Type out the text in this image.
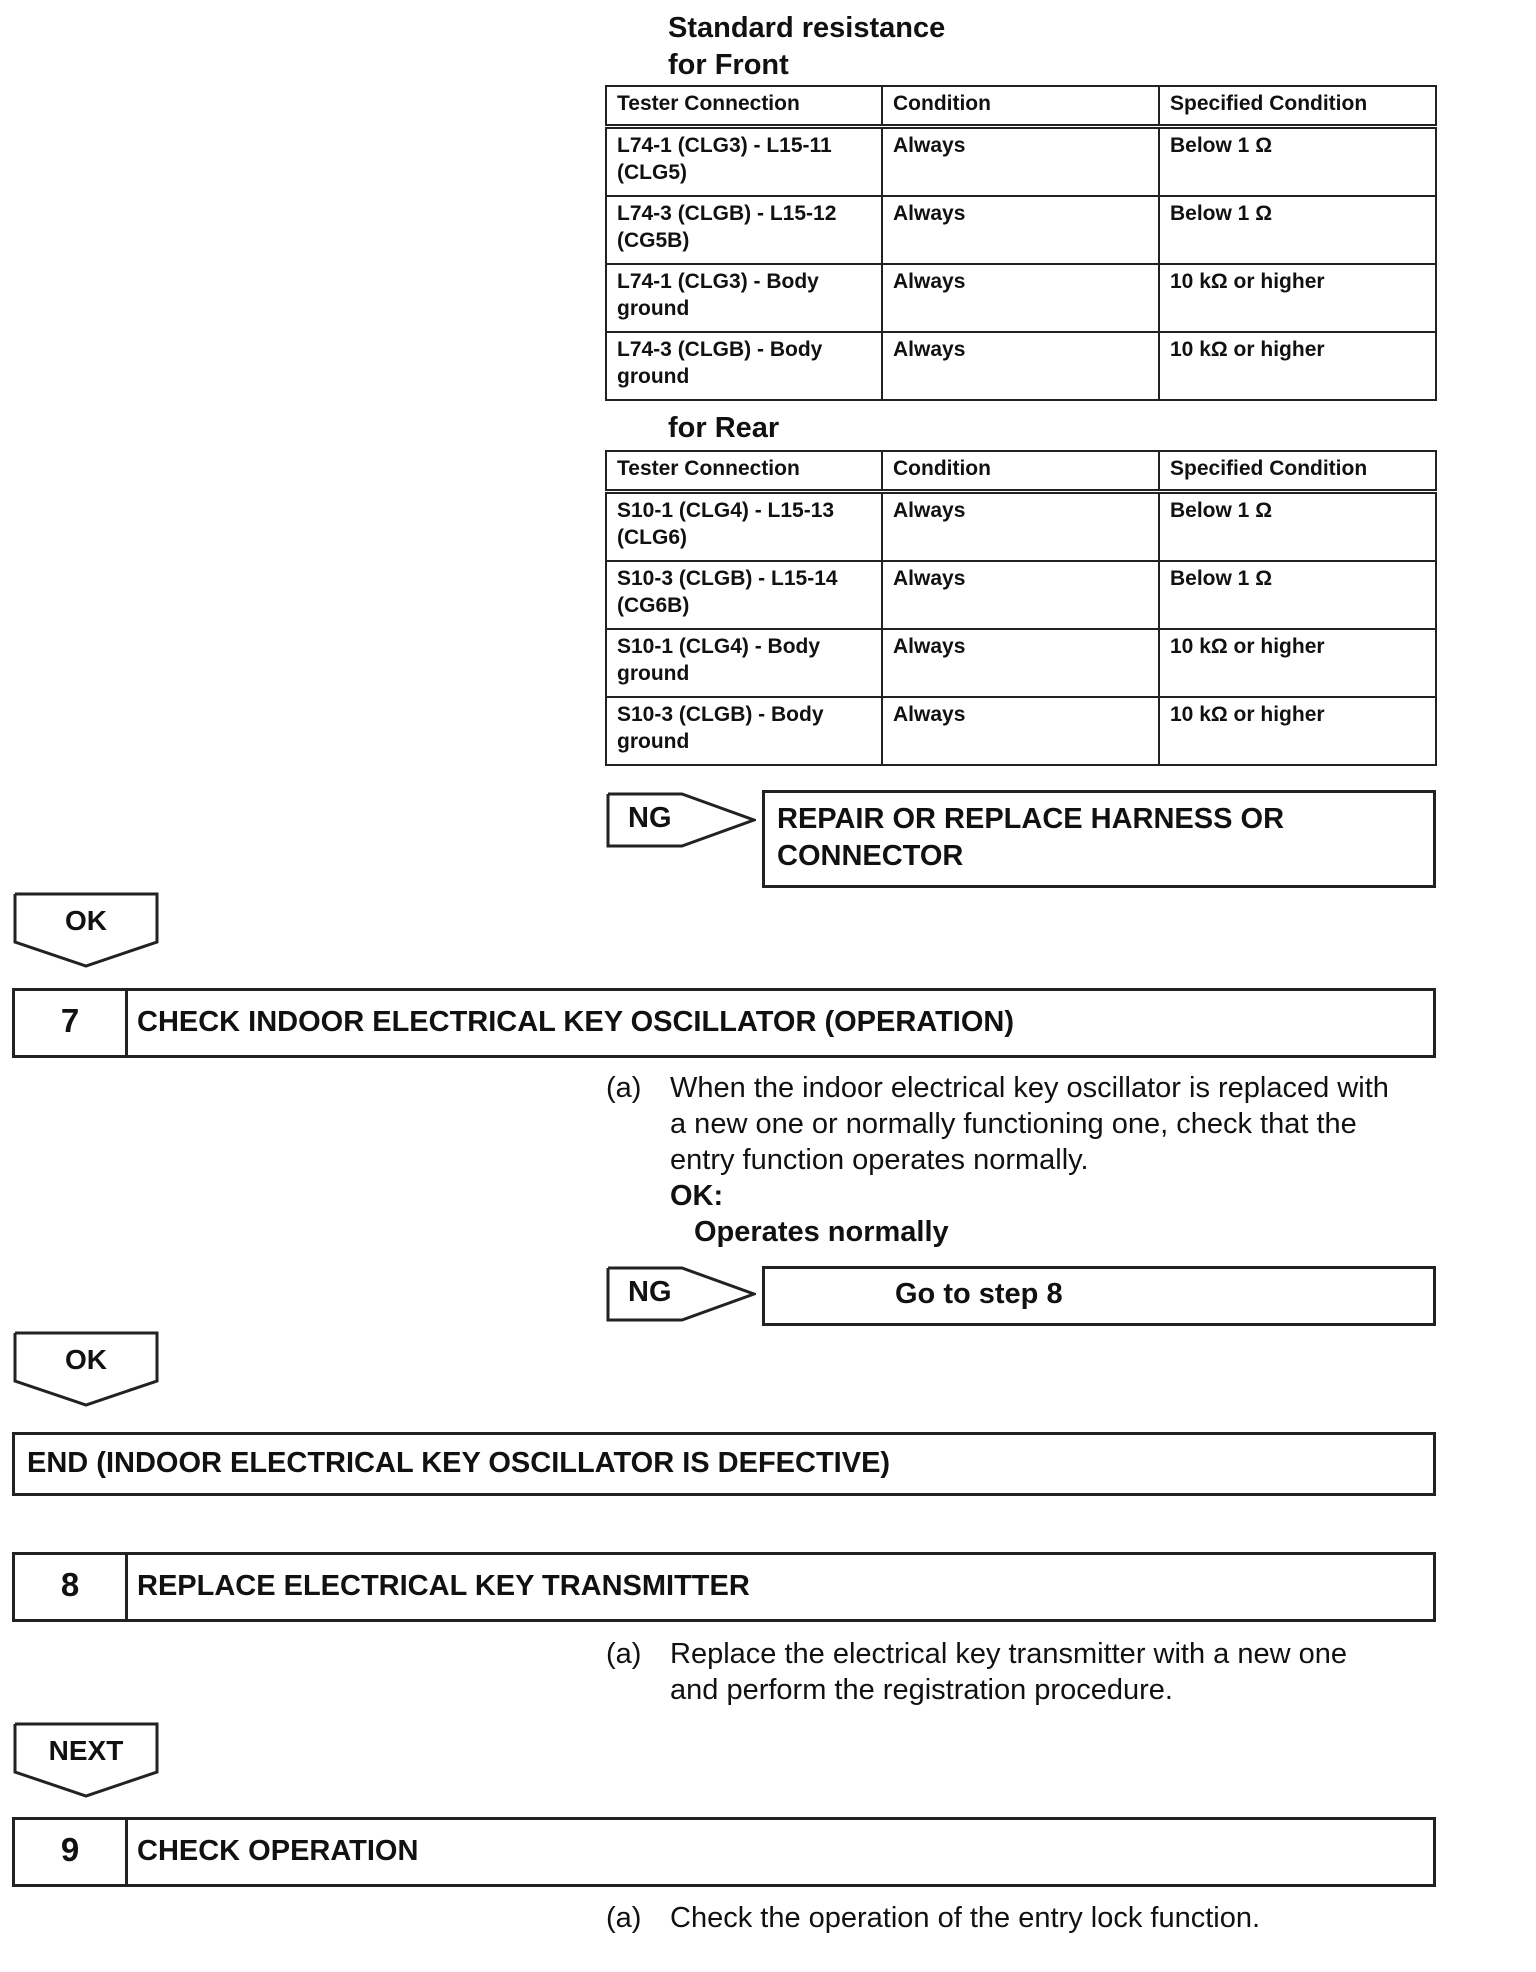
Standard resistance
for Front
Tester Connection	Condition	Specified Condition
L74-1 (CLG3) - L15-11 (CLG5)	Always	Below 1 Ω
L74-3 (CLGB) - L15-12 (CG5B)	Always	Below 1 Ω
L74-1 (CLG3) - Body ground	Always	10 kΩ or higher
L74-3 (CLGB) - Body ground	Always	10 kΩ or higher
for Rear
Tester Connection	Condition	Specified Condition
S10-1 (CLG4) - L15-13 (CLG6)	Always	Below 1 Ω
S10-3 (CLGB) - L15-14 (CG6B)	Always	Below 1 Ω
S10-1 (CLG4) - Body ground	Always	10 kΩ or higher
S10-3 (CLGB) - Body ground	Always	10 kΩ or higher
NG	REPAIR OR REPLACE HARNESS OR
CONNECTOR
OK
7	CHECK INDOOR ELECTRICAL KEY OSCILLATOR (OPERATION)
(a) When the indoor electrical key oscillator is replaced with
a new one or normally functioning one, check that the
entry function operates normally.
OK:
Operates normally
NG	Go to step 8
OK
END (INDOOR ELECTRICAL KEY OSCILLATOR IS DEFECTIVE)
8	REPLACE ELECTRICAL KEY TRANSMITTER
(a) Replace the electrical key transmitter with a new one
and perform the registration procedure.
NEXT
9	CHECK OPERATION
(a) Check the operation of the entry lock function.
